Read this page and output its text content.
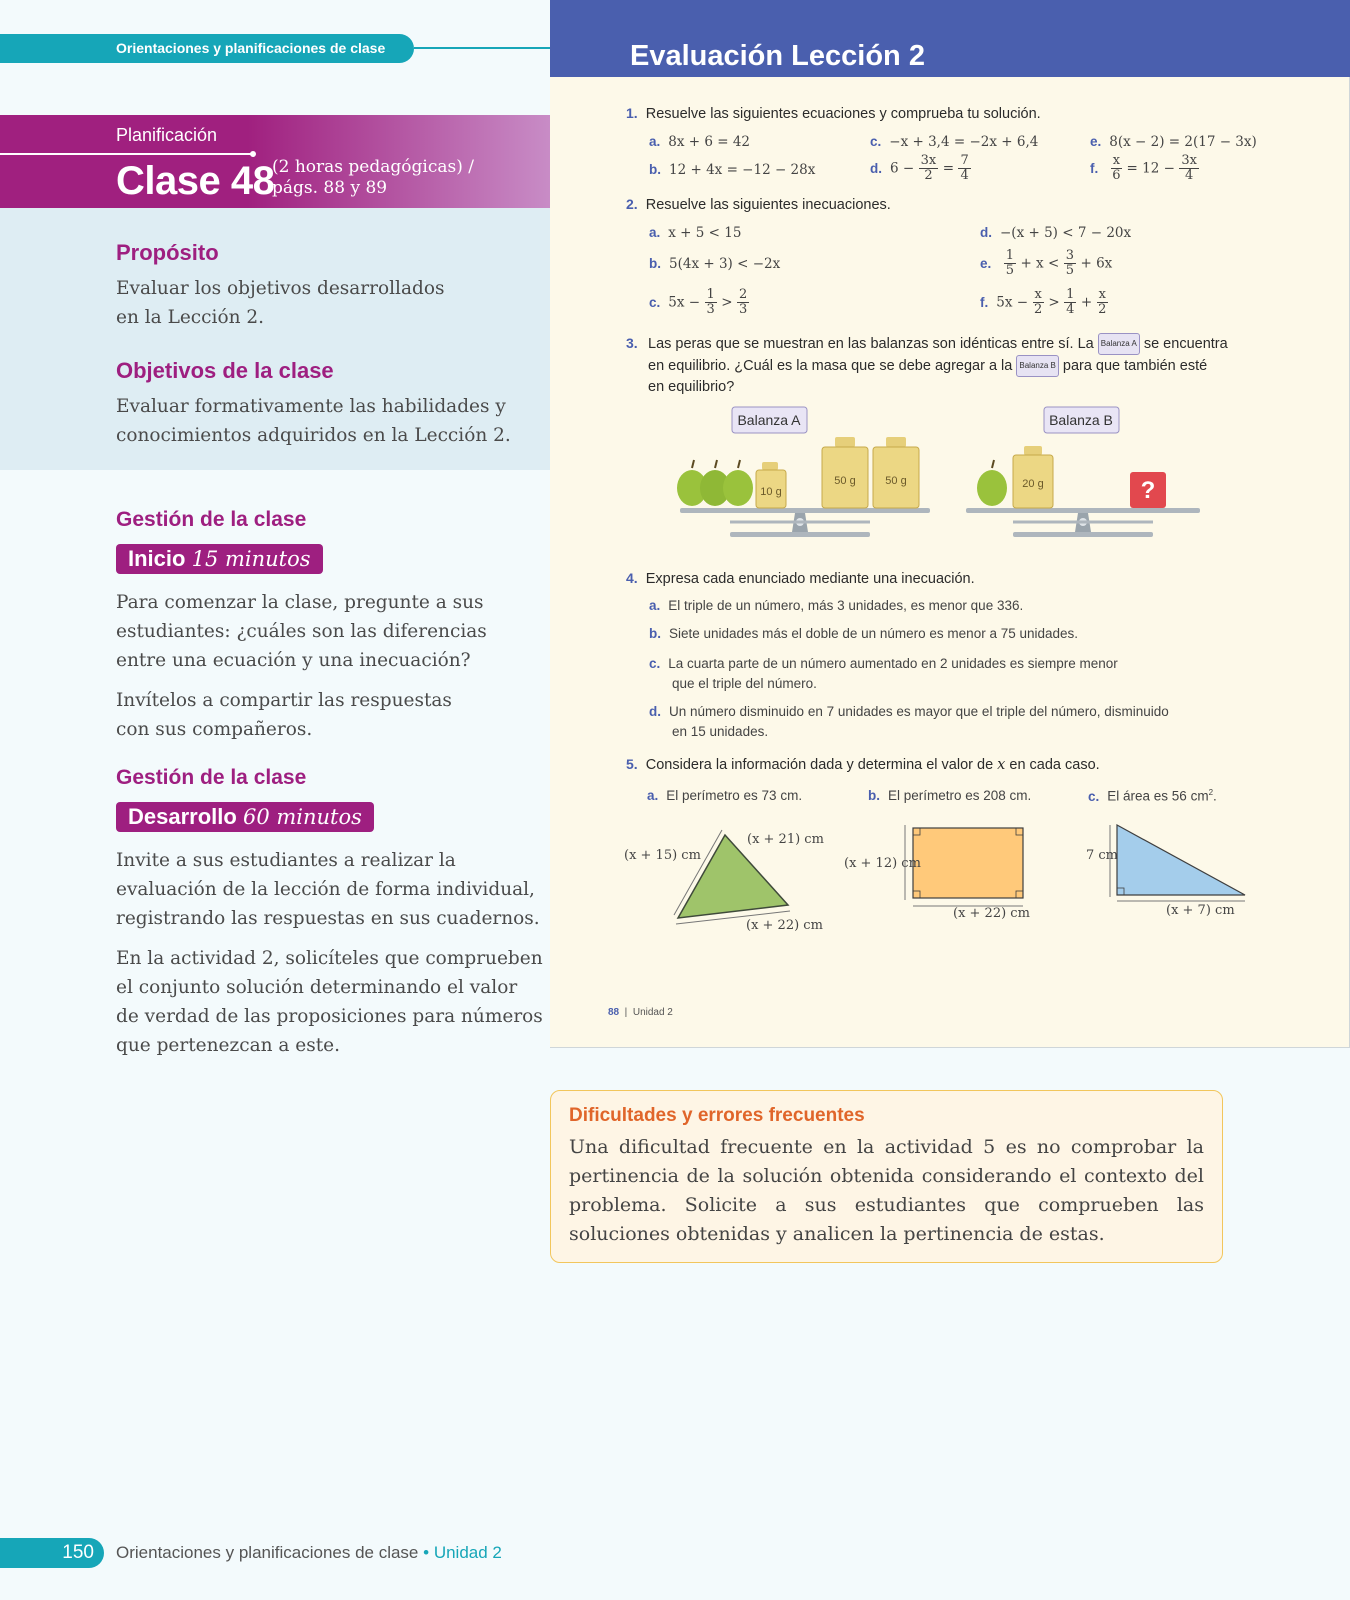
Orientaciones y planificaciones de clase
Planificación
Clase 48
(2 horas pedagógicas) /
págs. 88 y 89
Propósito
Evaluar los objetivos desarrollados
en la Lección 2.
Objetivos de la clase
Evaluar formativamente las habilidades y
conocimientos adquiridos en la Lección 2.
Gestión de la clase
Inicio 15 minutos
Para comenzar la clase, pregunte a sus
estudiantes: ¿cuáles son las diferencias
entre una ecuación y una inecuación?
Invítelos a compartir las respuestas
con sus compañeros.
Gestión de la clase
Desarrollo 60 minutos
Invite a sus estudiantes a realizar la
evaluación de la lección de forma individual,
registrando las respuestas en sus cuadernos.
En la actividad 2, solicíteles que comprueben
el conjunto solución determinando el valor
de verdad de las proposiciones para números
que pertenezcan a este.
Evaluación Lección 2
1. Resuelve las siguientes ecuaciones y comprueba tu solución.
a. 8x + 6 = 42
b. 12 + 4x = −12 − 28x
c. −x + 3,4 = −2x + 6,4
d. $6 - \frac{3x}{2} = \frac{7}{4}$
e. 8(x − 2) = 2(17 − 3x)
f. $\frac{x}{6} = 12 - \frac{3x}{4}$
2. Resuelve las siguientes inecuaciones.
a. x + 5 < 15
b. 5(4x + 3) < −2x
c. $5x - \frac{1}{3} > \frac{2}{3}$
d. −(x + 5) < 7 − 20x
e. $\frac{1}{5} + x < \frac{3}{5} + 6x$
f. $5x - \frac{x}{2} > \frac{1}{4} + \frac{x}{2}$
3. Las peras que se muestran en las balanzas son idénticas entre sí. La Balanza A se encuentra
en equilibrio. ¿Cuál es la masa que se debe agregar a la Balanza B para que también esté
en equilibrio?
Balanza A	Balanza B
10 g
50 g	50 g	20 g	?
4. Expresa cada enunciado mediante una inecuación.
a. El triple de un número, más 3 unidades, es menor que 336.
b. Siete unidades más el doble de un número es menor a 75 unidades.
c. La cuarta parte de un número aumentado en 2 unidades es siempre menor
que el triple del número.
d. Un número disminuido en 7 unidades es mayor que el triple del número, disminuido
en 15 unidades.
5. Considera la información dada y determina el valor de x en cada caso.
a. El perímetro es 73 cm.	b. El perímetro es 208 cm.	c. El área es 56 $cm^2$.
(x + 15) cm
(x + 21) cm
(x + 22) cm
(x + 12) cm
(x + 22) cm
7 cm
(x + 7) cm
88  |  Unidad 2
Dificultades y errores frecuentes
Una dificultad frecuente en la actividad 5 es no comprobar la pertinencia de la solución obtenida considerando el contexto del problema. Solicite a sus estudiantes que comprueben las soluciones obtenidas y analicen la pertinencia de estas.
150	Orientaciones y planificaciones de clase • Unidad 2
